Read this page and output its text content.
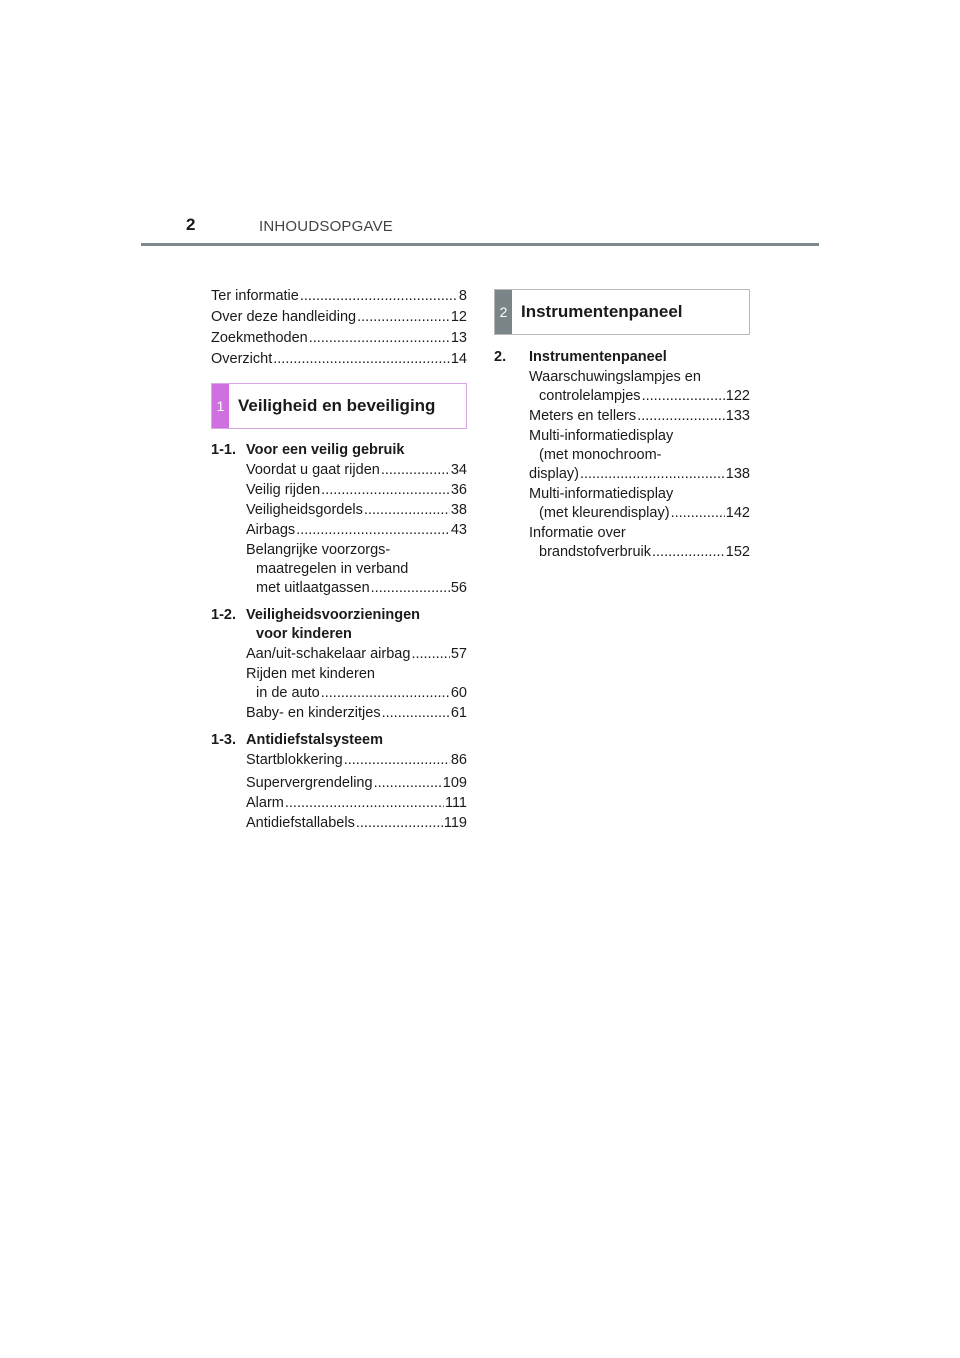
2	INHOUDSOPGAVE
Ter informatie .....	8
Over deze handleiding .....	12
Zoekmethoden .....	13
Overzicht .....	14
1 Veiligheid en beveiliging
1-1. Voor een veilig gebruik
Voordat u gaat rijden .....	34
Veilig rijden .....	36
Veiligheidsgordels .....	38
Airbags .....	43
Belangrijke voorzorgs-
maatregelen in verband
met uitlaatgassen .....	56
1-2. Veiligheidsvoorzieningen
voor kinderen
Aan/uit-schakelaar airbag .....	57
Rijden met kinderen
in de auto .....	60
Baby- en kinderzitjes .....	61
1-3. Antidiefstalsysteem
Startblokkering .....	86
Supervergrendeling .....	109
Alarm .....	111
Antidiefstallabels .....	119
2 Instrumentenpaneel
2.	Instrumentenpaneel
Waarschuwingslampjes en
controlelampjes .....	122
Meters en tellers .....	133
Multi-informatiedisplay
(met monochroom-
display) .....	138
Multi-informatiedisplay
(met kleurendisplay) .....	142
Informatie over
brandstofverbruik .....	152
